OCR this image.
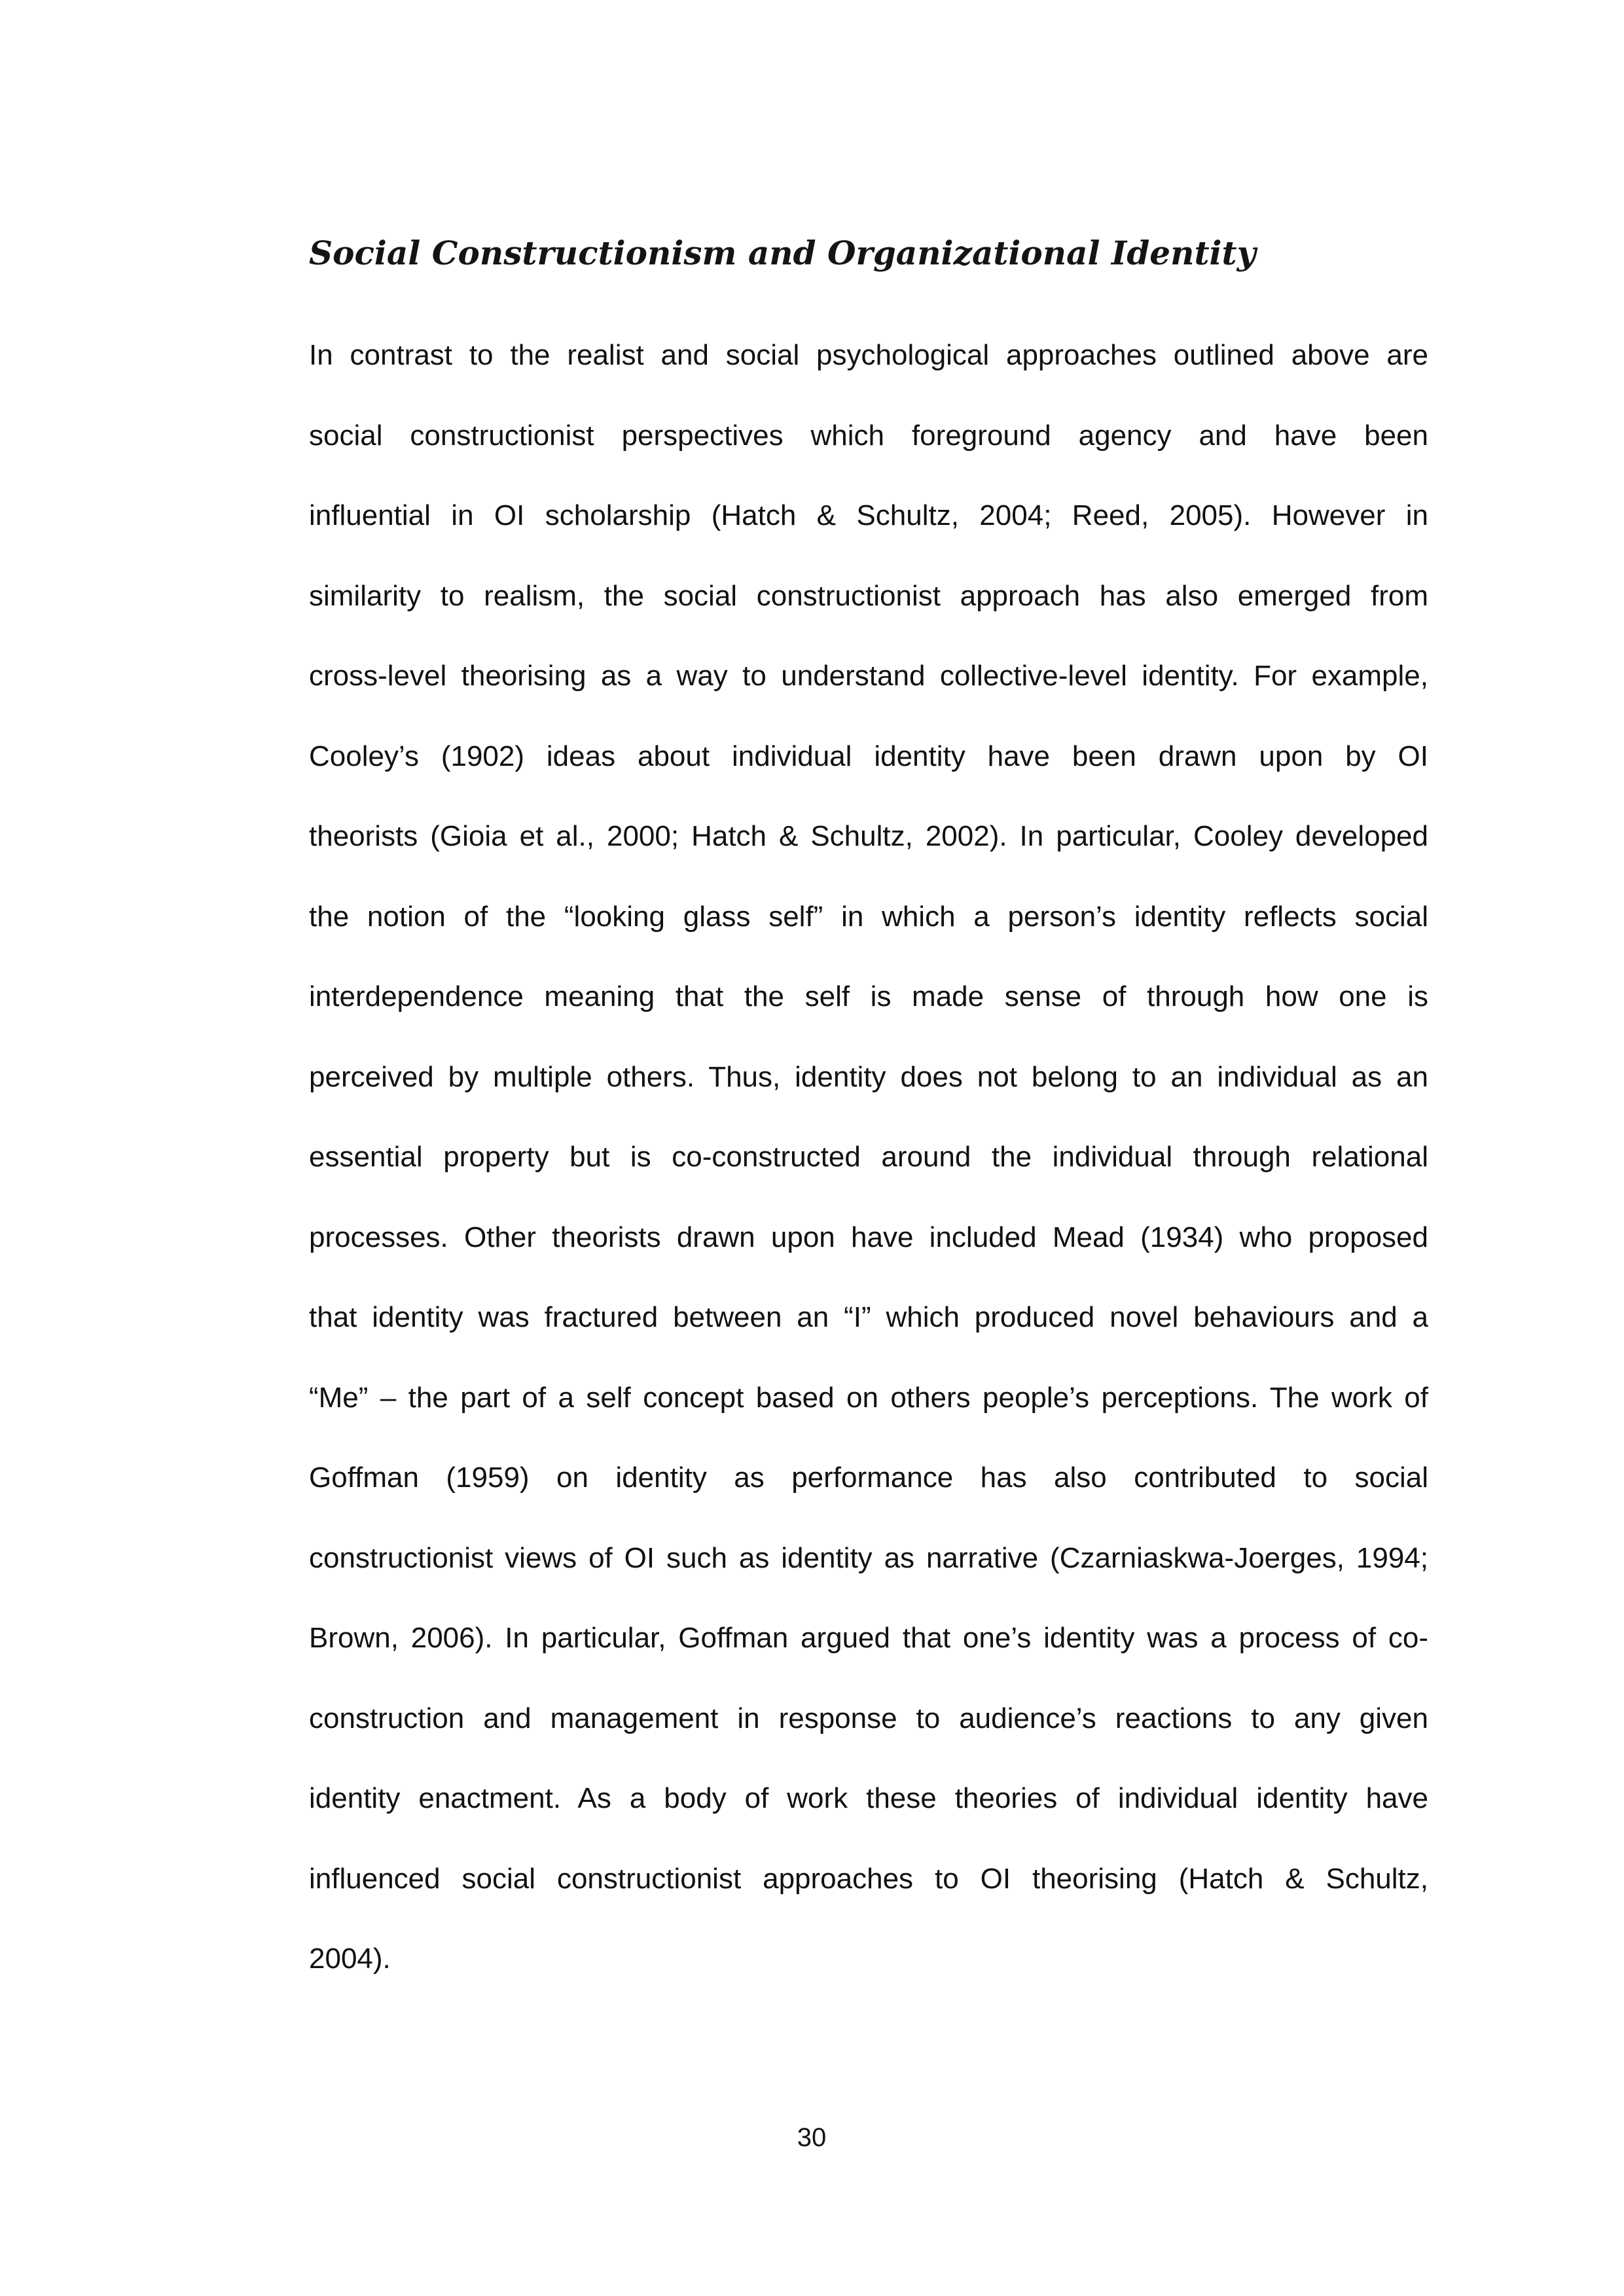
Social Constructionism and Organizational Identity
In contrast to the realist and social psychological approaches outlined above are
social constructionist perspectives which foreground agency and have been
influential in OI scholarship (Hatch & Schultz, 2004; Reed, 2005). However in
similarity to realism, the social constructionist approach has also emerged from
cross-level theorising as a way to understand collective-level identity. For example,
Cooley’s (1902) ideas about individual identity have been drawn upon by OI
theorists (Gioia et al., 2000; Hatch & Schultz, 2002). In particular, Cooley developed
the notion of the “looking glass self” in which a person’s identity reflects social
interdependence meaning that the self is made sense of through how one is
perceived by multiple others. Thus, identity does not belong to an individual as an
essential property but is co-constructed around the individual through relational
processes. Other theorists drawn upon have included Mead (1934) who proposed
that identity was fractured between an “I” which produced novel behaviours and a
“Me” – the part of a self concept based on others people’s perceptions. The work of
Goffman (1959) on identity as performance has also contributed to social
constructionist views of OI such as identity as narrative (Czarniaskwa-Joerges, 1994;
Brown, 2006). In particular, Goffman argued that one’s identity was a process of co-
construction and management in response to audience’s reactions to any given
identity enactment. As a body of work these theories of individual identity have
influenced social constructionist approaches to OI theorising (Hatch & Schultz,
2004).
30
